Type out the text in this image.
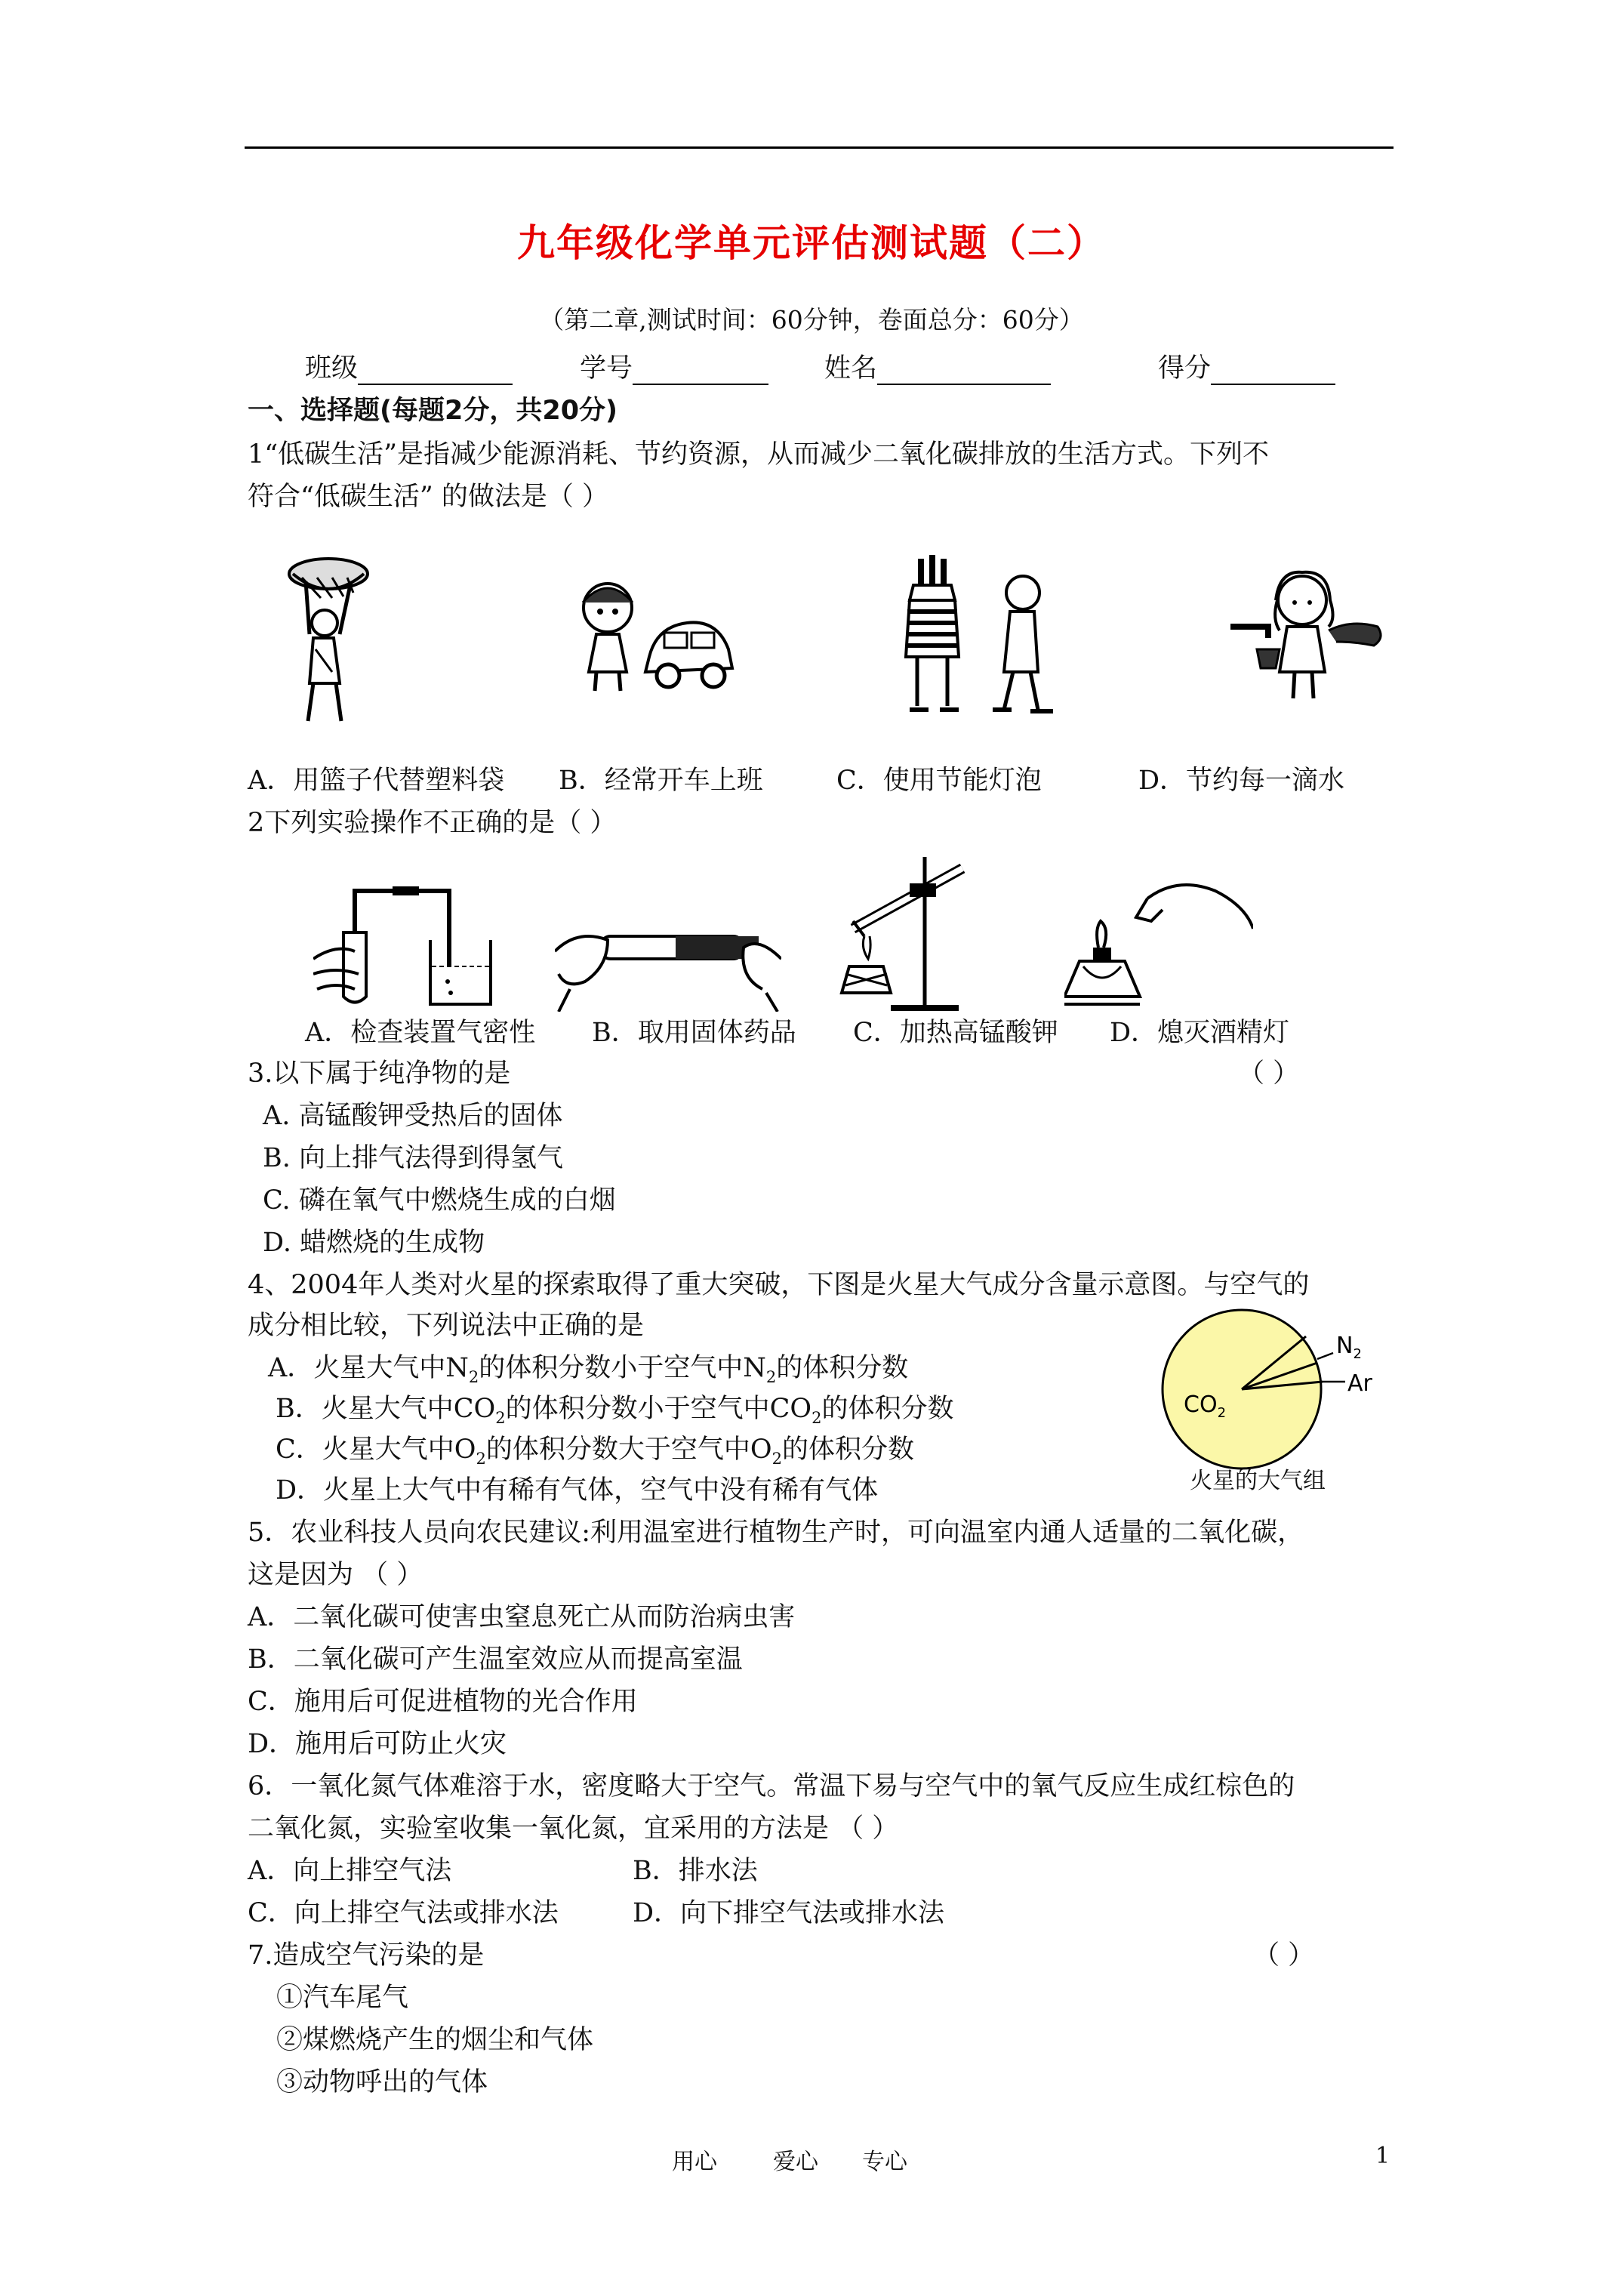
九年级化学单元评估测试题（二）
（第二章,测试时间：60分钟，卷面总分：60分）
班级	学号	姓名	得分
一、选择题(每题2分，共20分)
1“低碳生活”是指减少能源消耗、节约资源，从而减少二氧化碳排放的生活方式。下列不
符合“低碳生活” 的做法是（ ）
A．用篮子代替塑料袋 B．经常开车上班	C．使用节能灯泡	D．节约每一滴水
2下列实验操作不正确的是（ ）
A．检查装置气密性 B．取用固体药品 C．加热高锰酸钾 D．熄灭酒精灯
3.以下属于纯净物的是	（ ）
A. 高锰酸钾受热后的固体
B. 向上排气法得到得氢气
C. 磷在氧气中燃烧生成的白烟
D. 蜡燃烧的生成物
4、2004年人类对火星的探索取得了重大突破，下图是火星大气成分含量示意图。与空气的
成分相比较，下列说法中正确的是
A．火星大气中$N_2$的体积分数小于空气中$N_2$的体积分数
B．火星大气中$CO_2$的体积分数小于空气中$CO_2$的体积分数
C．火星大气中$O_2$的体积分数大于空气中$O_2$的体积分数
D．火星上大气中有稀有气体，空气中没有稀有气体
$CO_2$
$N_2$
Ar
火星的大气组
5．农业科技人员向农民建议:利用温室进行植物生产时，可向温室内通人适量的二氧化碳，
这是因为 （ ）
A．二氧化碳可使害虫窒息死亡从而防治病虫害
B．二氧化碳可产生温室效应从而提高室温
C．施用后可促进植物的光合作用
D．施用后可防止火灾
6．一氧化氮气体难溶于水，密度略大于空气。常温下易与空气中的氧气反应生成红棕色的
二氧化氮，实验室收集一氧化氮，宜采用的方法是 （ ）
A．向上排空气法	B．排水法
C．向上排空气法或排水法	D．向下排空气法或排水法
7.造成空气污染的是	（ ）
①汽车尾气
②煤燃烧产生的烟尘和气体
③动物呼出的气体
用心 爱心 专心	1
